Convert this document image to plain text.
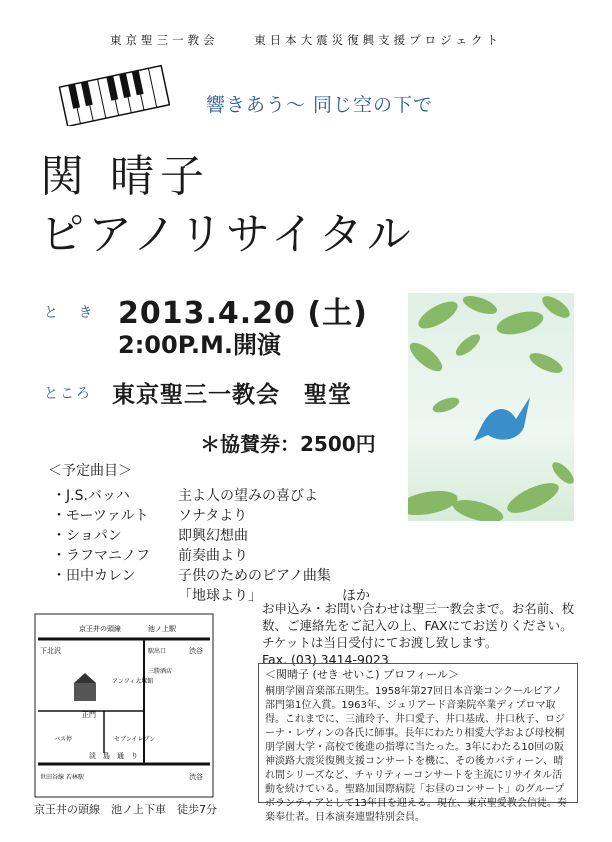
東京聖三一教会	東日本大震災復興支援プロジェクト
響きあう〜 同じ空の下で
関 晴子
ピアノリサイタル
と き 2013.4.20 (土)
2:00P.M.開演
ところ 東京聖三一教会　聖堂
＊協賛券：2500円
＜予定曲目＞
・J.S.バッハ	主よ人の望みの喜びよ
・モーツァルト ソナタより
・ショパン	即興幻想曲
・ラフマニノフ 前奏曲より
・田中カレン	子供のためのピアノ曲集
「地球より」	ほか
お申込み・お問い合わせは聖三一教会まで。お名前、枚数、ご連絡先をご記入の上、FAXにてお送りください。チケットは当日受付にてお渡し致します。
Fax. (03) 3414-9023
京王井の頭線	池ノ上駅
下北沢	渋谷
駅出口
三勝酒店
アンフィ大塚館
正門
バス停	セブンイレブン
淡　島　通　り
世田谷線 若林駅	渋谷
京王井の頭線　池ノ上下車　徒歩7分
＜関晴子 (せき せいこ) プロフィール＞
桐朋学園音楽部五期生。1958年第27回日本音楽コンクールピアノ部門第1位入賞。1963年、ジュリアード音楽院卒業ディプロマ取得。これまでに、三浦玲子、井口愛子、井口基成、井口秋子、ロジーナ・レヴィンの各氏に師事。長年にわたり相愛大学および母校桐朋学園大学・高校で後進の指導に当たった。3年にわたる10回の阪神淡路大震災復興支援コンサートを機に、その後カバティーン、晴れ間シリーズなど、チャリティーコンサートを主流にリサイタル活動を続けている。聖路加国際病院「お昼のコンサート」のグループボランティアとして13年目を迎える。現在、東京聖愛教会信徒。奏楽奉仕者。日本演奏連盟特別会員。
